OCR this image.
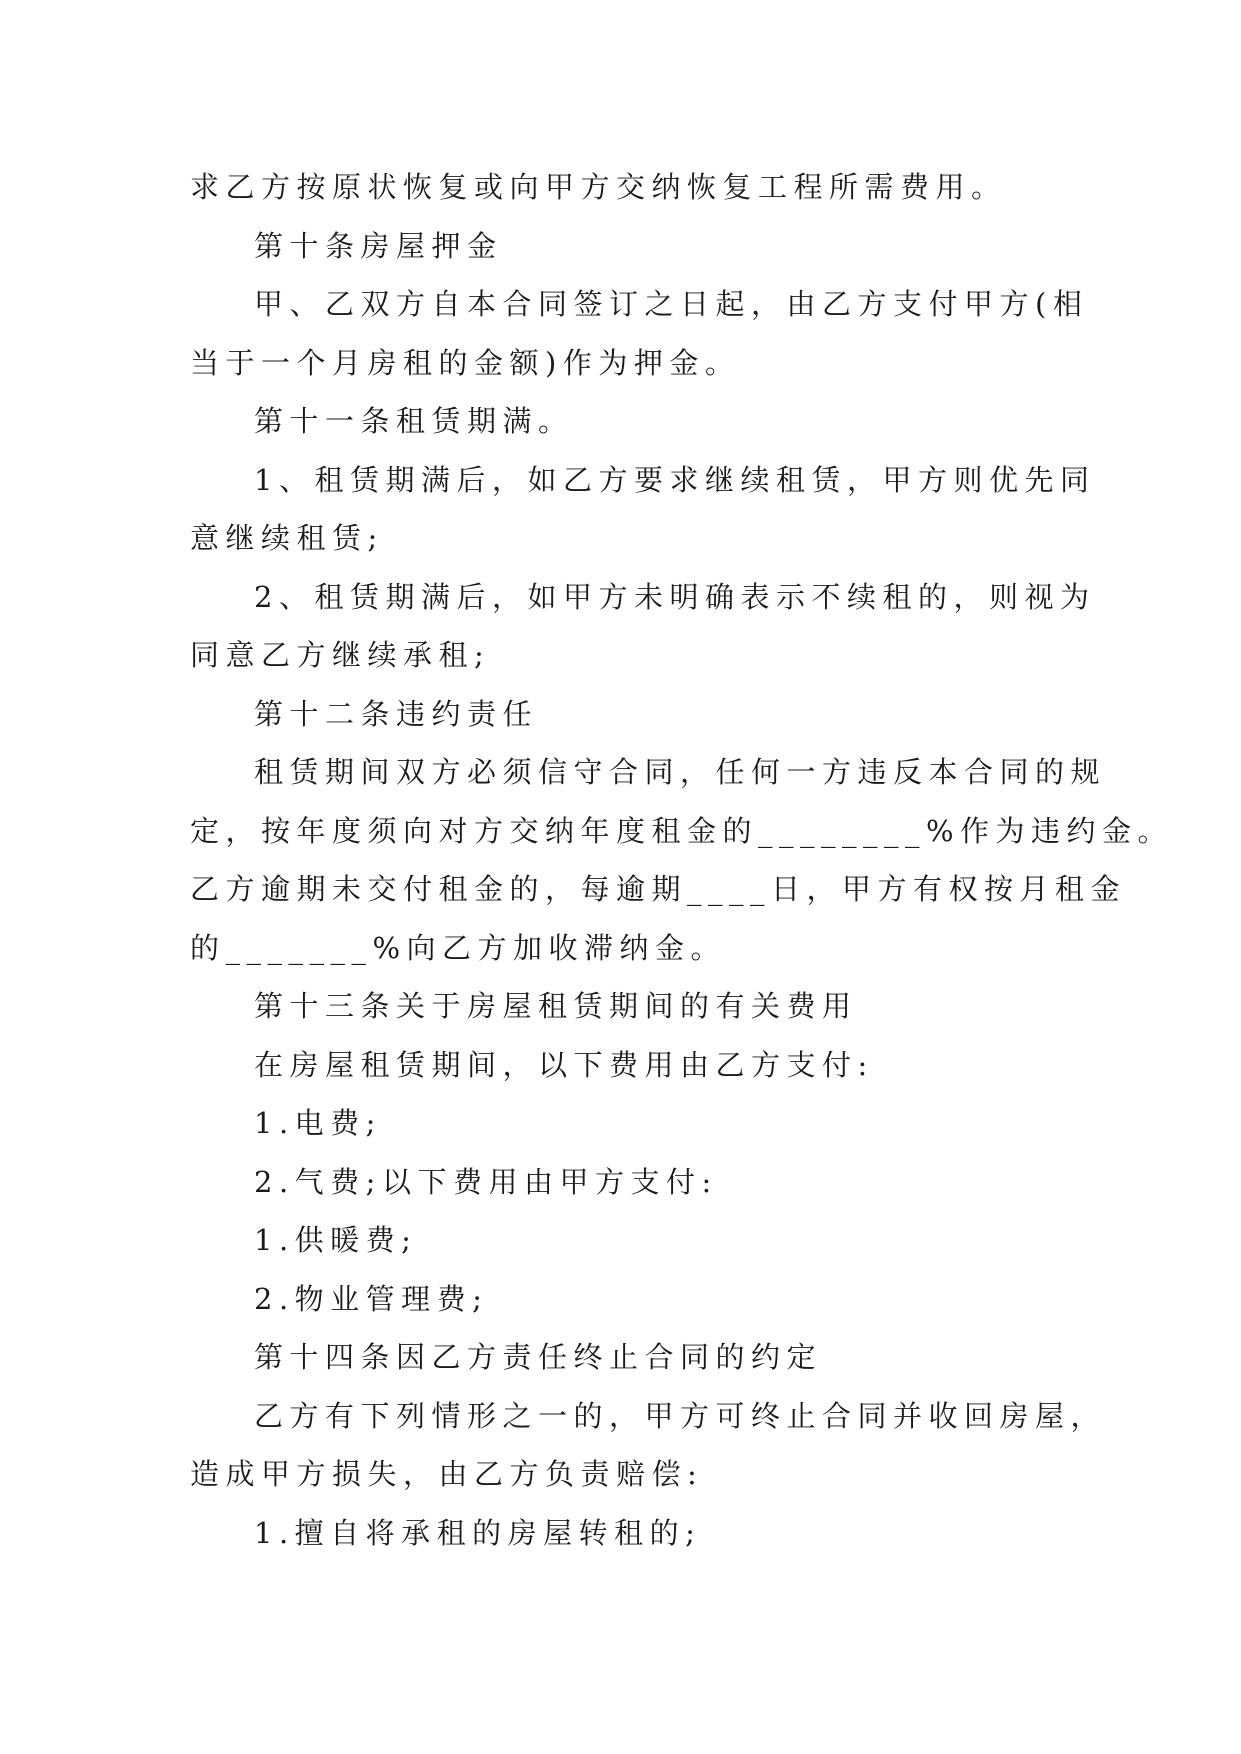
求乙方按原状恢复或向甲方交纳恢复工程所需费用。

第十条房屋押金

甲、乙双方自本合同签订之日起，由乙方支付甲方(相

当于一个月房租的金额)作为押金。

第十一条租赁期满。

1、租赁期满后，如乙方要求继续租赁，甲方则优先同

意继续租赁;

2、租赁期满后，如甲方未明确表示不续租的，则视为

同意乙方继续承租;

第十二条违约责任

租赁期间双方必须信守合同，任何一方违反本合同的规

定，按年度须向对方交纳年度租金的________%作为违约金。

乙方逾期未交付租金的，每逾期____日，甲方有权按月租金

的_______%向乙方加收滞纳金。

第十三条关于房屋租赁期间的有关费用

在房屋租赁期间，以下费用由乙方支付:

1.电费;

2.气费;以下费用由甲方支付:

1.供暖费;

2.物业管理费;

第十四条因乙方责任终止合同的约定

乙方有下列情形之一的，甲方可终止合同并收回房屋，

造成甲方损失，由乙方负责赔偿:

1.擅自将承租的房屋转租的;
